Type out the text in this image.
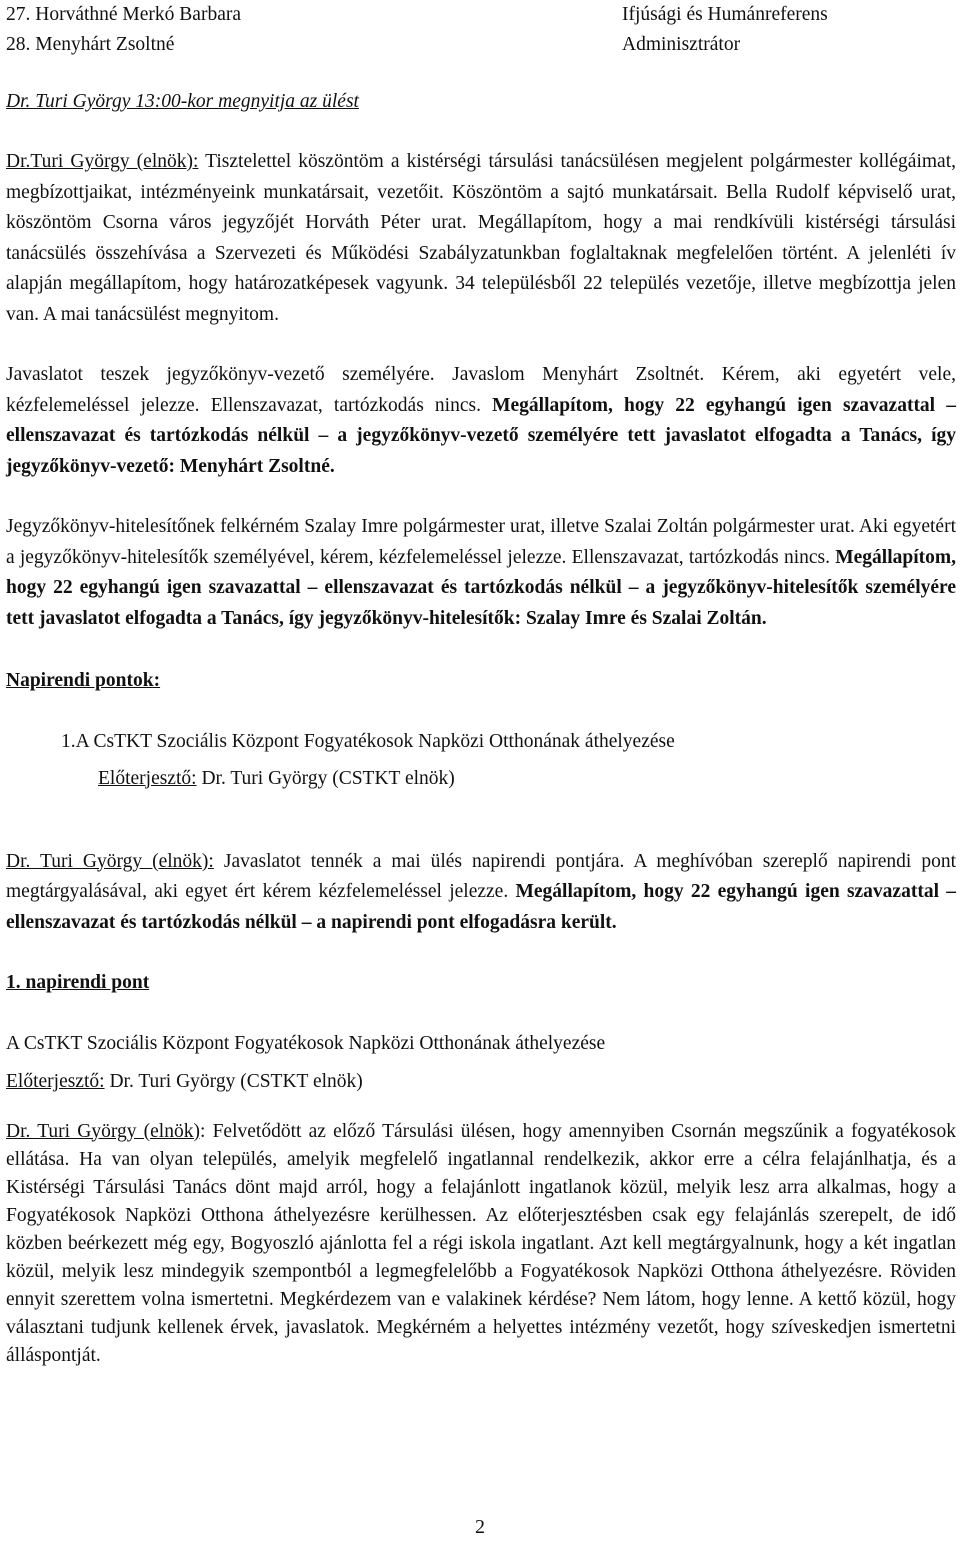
27. Horváthné Merkó Barbara	Ifjúsági és Humánreferens
28. Menyhárt Zsoltné	Adminisztrátor

Dr. Turi György 13:00-kor megnyitja az ülést

Dr.Turi György (elnök): Tisztelettel köszöntöm a kistérségi társulási tanácsülésen megjelent polgármester kollégáimat, megbízottjaikat, intézményeink munkatársait, vezetőit. Köszöntöm a sajtó munkatársait. Bella Rudolf képviselő urat, köszöntöm Csorna város jegyzőjét Horváth Péter urat. Megállapítom, hogy a mai rendkívüli kistérségi társulási tanácsülés összehívása a Szervezeti és Működési Szabályzatunkban foglaltaknak megfelelően történt. A jelenléti ív alapján megállapítom, hogy határozatképesek vagyunk. 34 településből 22 település vezetője, illetve megbízottja jelen van. A mai tanácsülést megnyitom.

Javaslatot teszek jegyzőkönyv-vezető személyére. Javaslom Menyhárt Zsoltnét. Kérem, aki egyetért vele, kézfelemeléssel jelezze. Ellenszavazat, tartózkodás nincs. Megállapítom, hogy 22 egyhangú igen szavazattal – ellenszavazat és tartózkodás nélkül – a jegyzőkönyv-vezető személyére tett javaslatot elfogadta a Tanács, így jegyzőkönyv-vezető: Menyhárt Zsoltné.

Jegyzőkönyv-hitelesítőnek felkérném Szalay Imre polgármester urat, illetve Szalai Zoltán polgármester urat. Aki egyetért a jegyzőkönyv-hitelesítők személyével, kérem, kézfelemeléssel jelezze. Ellenszavazat, tartózkodás nincs. Megállapítom, hogy 22 egyhangú igen szavazattal – ellenszavazat és tartózkodás nélkül – a jegyzőkönyv-hitelesítők személyére tett javaslatot elfogadta a Tanács, így jegyzőkönyv-hitelesítők: Szalay Imre és Szalai Zoltán.

Napirendi pontok:

1.A CsTKT Szociális Központ Fogyatékosok Napközi Otthonának áthelyezése
Előterjesztő: Dr. Turi György (CSTKT elnök)

Dr. Turi György (elnök): Javaslatot tennék a mai ülés napirendi pontjára. A meghívóban szereplő napirendi pont megtárgyalásával, aki egyet ért kérem kézfelemeléssel jelezze. Megállapítom, hogy 22 egyhangú igen szavazattal – ellenszavazat és tartózkodás nélkül – a napirendi pont elfogadásra került.

1. napirendi pont

A CsTKT Szociális Központ Fogyatékosok Napközi Otthonának áthelyezése

Előterjesztő: Dr. Turi György (CSTKT elnök)

Dr. Turi György (elnök): Felvetődött az előző Társulási ülésen, hogy amennyiben Csornán megszűnik a fogyatékosok ellátása. Ha van olyan település, amelyik megfelelő ingatlannal rendelkezik, akkor erre a célra felajánlhatja, és a Kistérségi Társulási Tanács dönt majd arról, hogy a felajánlott ingatlanok közül, melyik lesz arra alkalmas, hogy a Fogyatékosok Napközi Otthona áthelyezésre kerülhessen. Az előterjesztésben csak egy felajánlás szerepelt, de idő közben beérkezett még egy, Bogyoszló ajánlotta fel a régi iskola ingatlant. Azt kell megtárgyalnunk, hogy a két ingatlan közül, melyik lesz mindegyik szempontból a legmegfelelőbb a Fogyatékosok Napközi Otthona áthelyezésre. Röviden ennyit szerettem volna ismertetni. Megkérdezem van e valakinek kérdése? Nem látom, hogy lenne. A kettő közül, hogy választani tudjunk kellenek érvek, javaslatok. Megkérném a helyettes intézmény vezetőt, hogy szíveskedjen ismertetni álláspontját.

2
